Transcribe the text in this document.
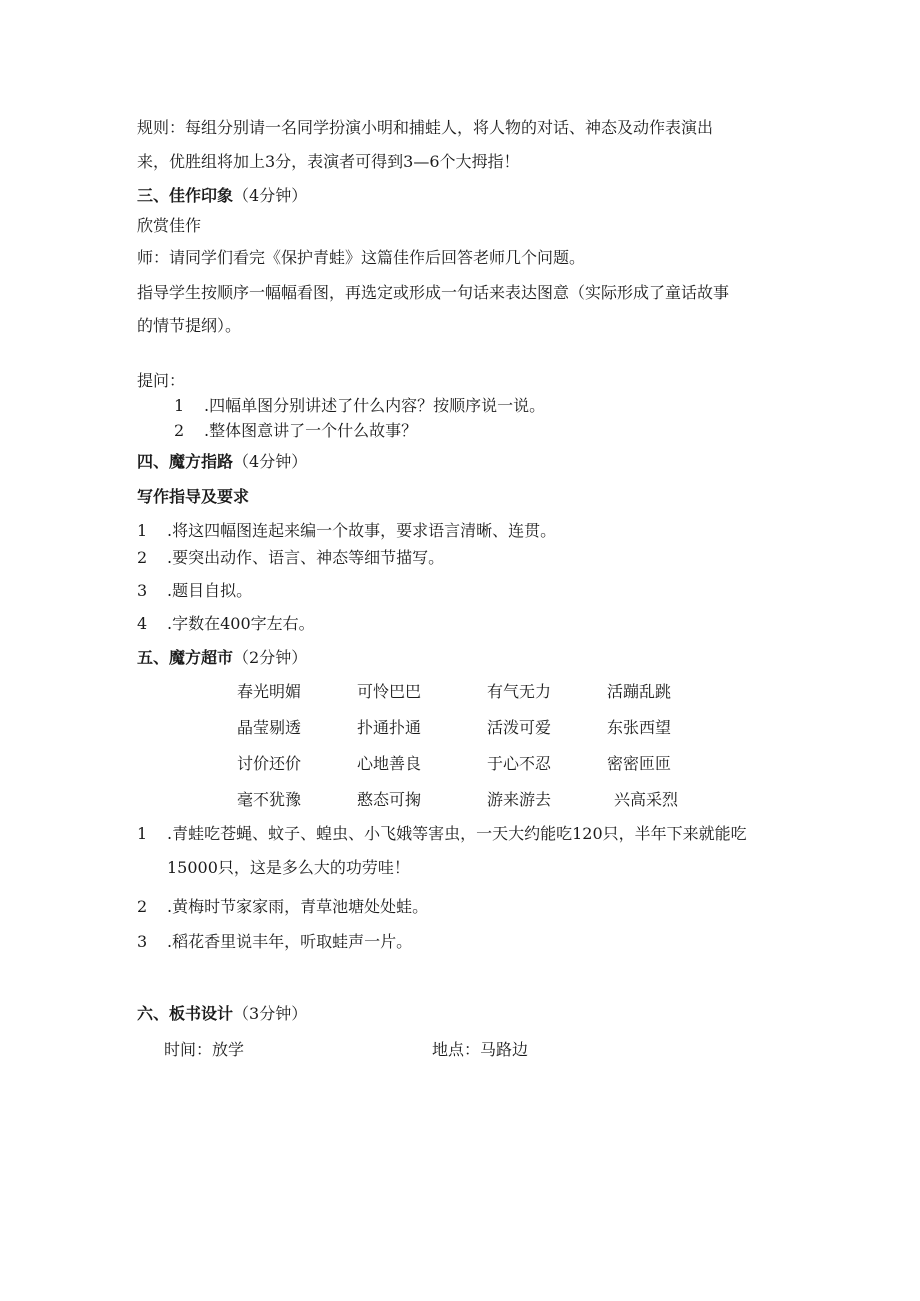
规则：每组分别请一名同学扮演小明和捕蛙人，将人物的对话、神态及动作表演出
来，优胜组将加上3分，表演者可得到3—6个大拇指！
三、佳作印象（4分钟）
欣赏佳作
师：请同学们看完《保护青蛙》这篇佳作后回答老师几个问题。
指导学生按顺序一幅幅看图，再选定或形成一句话来表达图意（实际形成了童话故事
的情节提纲）。
提问：
1 .四幅单图分别讲述了什么内容？按顺序说一说。
2 .整体图意讲了一个什么故事？
四、魔方指路（4分钟）
写作指导及要求
1 .将这四幅图连起来编一个故事，要求语言清晰、连贯。
2 .要突出动作、语言、神态等细节描写。
3 .题目自拟。
4 .字数在400字左右。
五、魔方超市（2分钟）
春光明媚	可怜巴巴	有气无力	活蹦乱跳
晶莹剔透	扑通扑通	活泼可爱	东张西望
讨价还价	心地善良	于心不忍	密密匝匝
毫不犹豫	憨态可掬	游来游去	兴高采烈
1 .青蛙吃苍蝇、蚊子、蝗虫、小飞娥等害虫，一天大约能吃120只，半年下来就能吃
15000只，这是多么大的功劳哇！
2 .黄梅时节家家雨，青草池塘处处蛙。
3 .稻花香里说丰年，听取蛙声一片。
六、板书设计（3分钟）
时间：放学	地点：马路边
